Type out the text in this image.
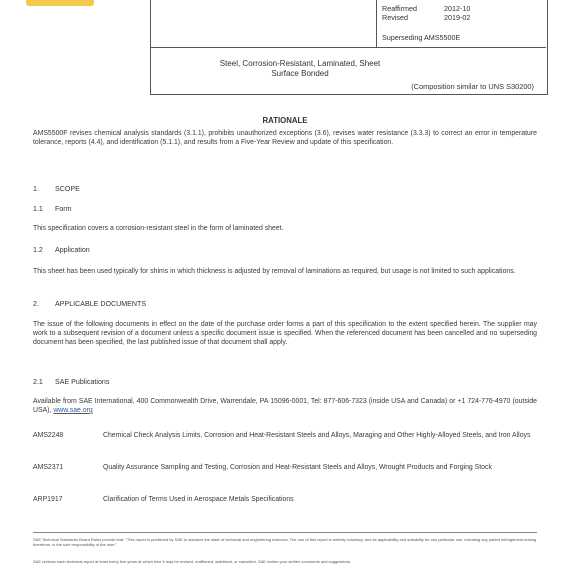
Reaffirmed	2012-10
Revised	2019-02
Superseding AMS5500E
Steel, Corrosion-Resistant, Laminated, Sheet
Surface Bonded
(Composition similar to UNS S30200)
RATIONALE
AMS5500F revises chemical analysis standards (3.1.1), prohibits unauthorized exceptions (3.6), revises water resistance (3.3.3) to correct an error in temperature tolerance, reports (4.4), and identification (5.1.1), and results from a Five-Year Review and update of this specification.
1. SCOPE
1.1 Form
This specification covers a corrosion-resistant steel in the form of laminated sheet.
1.2 Application
This sheet has been used typically for shims in which thickness is adjusted by removal of laminations as required, but usage is not limited to such applications.
2. APPLICABLE DOCUMENTS
The issue of the following documents in effect on the date of the purchase order forms a part of this specification to the extent specified herein. The supplier may work to a subsequent revision of a document unless a specific document issue is specified. When the referenced document has been cancelled and no superseding document has been specified, the last published issue of that document shall apply.
2.1 SAE Publications
Available from SAE International, 400 Commonwealth Drive, Warrendale, PA 15096-0001, Tel: 877-606-7323 (inside USA and Canada) or +1 724-776-4970 (outside USA), www.sae.org
AMS2248	Chemical Check Analysis Limits, Corrosion and Heat-Resistant Steels and Alloys, Maraging and Other Highly-Alloyed Steels, and Iron Alloys
AMS2371	Quality Assurance Sampling and Testing, Corrosion and Heat-Resistant Steels and Alloys, Wrought Products and Forging Stock
ARP1917	Clarification of Terms Used in Aerospace Metals Specifications
SAE Technical Standards Board Rules provide that: "This report is published by SAE to advance the state of technical and engineering sciences. The use of this report is entirely voluntary, and its applicability and suitability for any particular use, including any patent infringement arising therefrom, is the sole responsibility of the user."
SAE reviews each technical report at least every five years at which time it may be revised, reaffirmed, stabilized, or cancelled. SAE invites your written comments and suggestions.
